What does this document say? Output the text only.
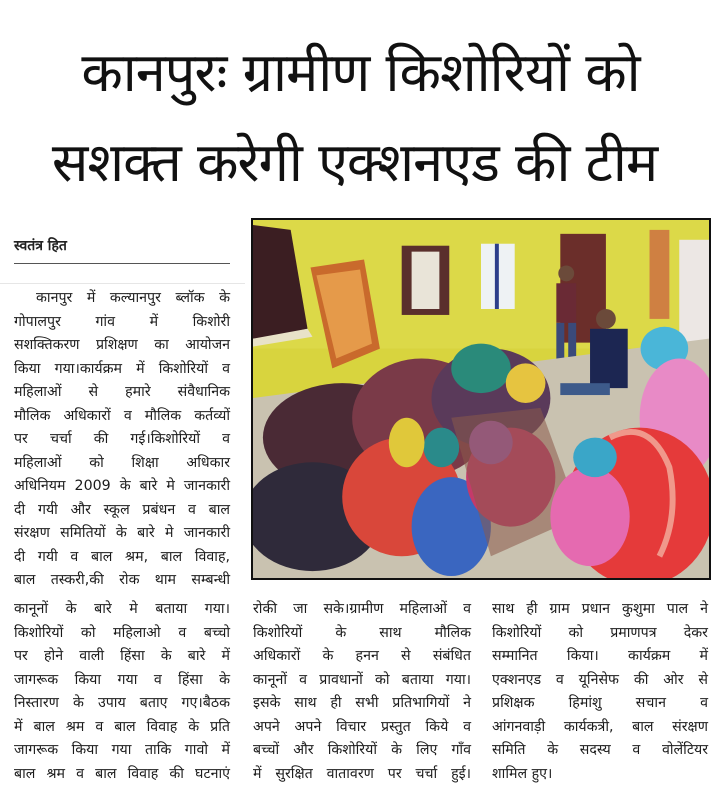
कानपुरः ग्रामीण किशोरियों को
सशक्त करेगी एक्शनएड की टीम
स्वतंत्र हित
कानपुर में कल्यानपुर ब्लॉक के
गोपालपुर गांव में किशोरी
सशक्तिकरण प्रशिक्षण का आयोजन
किया गया।कार्यक्रम में किशोरियों व
महिलाओं से हमारे संवैधानिक
मौलिक अधिकारों व मौलिक कर्तव्यों
पर चर्चा की गई।किशोरियों व
महिलाओं को शिक्षा अधिकार
अधिनियम 2009 के बारे मे जानकारी
दी गयी और स्कूल प्रबंधन व बाल
संरक्षण समितियों के बारे मे जानकारी
दी गयी व बाल श्रम, बाल विवाह,
बाल तस्करी,की रोक थाम सम्बन्धी
कानूनों के बारे मे बताया गया।
किशोरियों को महिलाओ व बच्चो
पर होने वाली हिंसा के बारे में
जागरूक किया गया व हिंसा के
निस्तारण के उपाय बताए गए।बैठक
में बाल श्रम व बाल विवाह के प्रति
जागरूक किया गया ताकि गावो में
बाल श्रम व बाल विवाह की घटनाएं
रोकी जा सके।ग्रामीण महिलाओं व
किशोरियों के साथ मौलिक
अधिकारों के हनन से संबंधित
कानूनों व प्रावधानों को बताया गया।
इसके साथ ही सभी प्रतिभागियों ने
अपने अपने विचार प्रस्तुत किये व
बच्चों और किशोरियों के लिए गाँव
में सुरक्षित वातावरण पर चर्चा हुई।
साथ ही ग्राम प्रधान कुशुमा पाल ने
किशोरियों को प्रमाणपत्र देकर
सम्मानित किया। कार्यक्रम में
एक्शनएड व यूनिसेफ की ओर से
प्रशिक्षक हिमांशु सचान व
आंगनवाड़ी कार्यकत्री, बाल संरक्षण
समिति के सदस्य व वोलेंटियर
शामिल हुए।
